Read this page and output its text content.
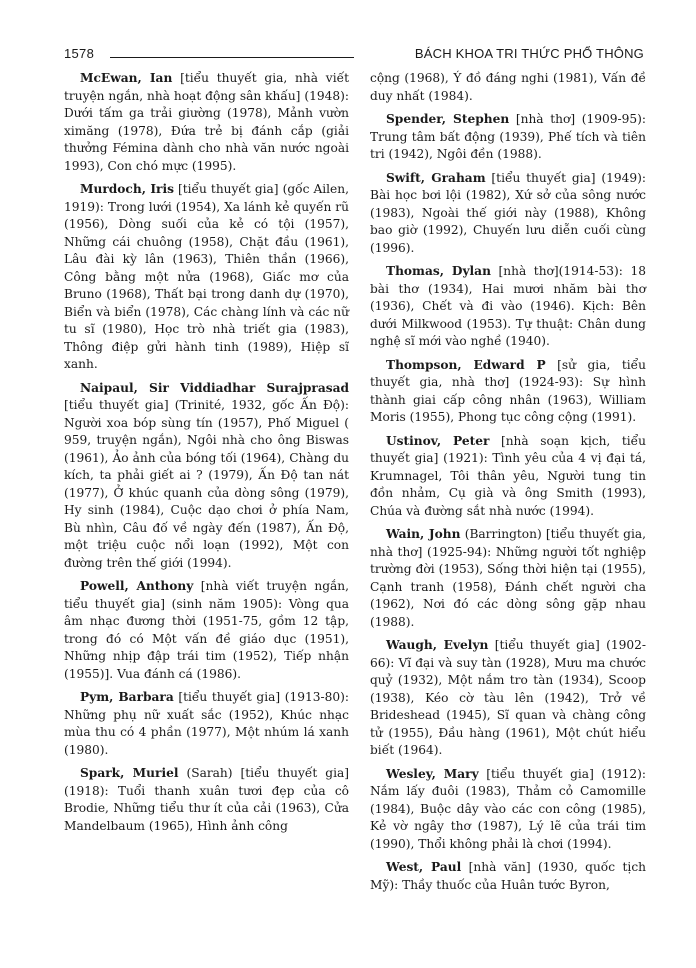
1578	BÁCH KHOA TRI THỨC PHỔ THÔNG

McEwan, Ian [tiểu thuyết gia, nhà viết truyện ngắn, nhà hoạt động sân khấu] (1948): Dưới tấm ga trải giường (1978), Mảnh vườn ximăng (1978), Đứa trẻ bị đánh cắp (giải thưởng Fémina dành cho nhà văn nước ngoài 1993), Con chó mực (1995).

Murdoch, Iris [tiểu thuyết gia] (gốc Ailen, 1919): Trong lưới (1954), Xa lánh kẻ quyến rũ (1956), Dòng suối của kẻ có tội (1957), Những cái chuông (1958), Chặt đầu (1961), Lâu đài kỳ lân (1963), Thiên thần (1966), Công bằng một nửa (1968), Giấc mơ của Bruno (1968), Thất bại trong danh dự (1970), Biển và biển (1978), Các chàng lính và các nữ tu sĩ (1980), Học trò nhà triết gia (1983), Thông điệp gửi hành tinh (1989), Hiệp sĩ xanh.

Naipaul, Sir Viddiadhar Surajprasad [tiểu thuyết gia] (Trinité, 1932, gốc Ấn Độ): Người xoa bóp sùng tín (1957), Phố Miguel ( 959, truyện ngắn), Ngôi nhà cho ông Biswas (1961), Ảo ảnh của bóng tối (1964), Chàng du kích, ta phải giết ai ? (1979), Ấn Độ tan nát (1977), Ở khúc quanh của dòng sông (1979), Hy sinh (1984), Cuộc dạo chơi ở phía Nam, Bù nhìn, Câu đố về ngày đến (1987), Ấn Độ, một triệu cuộc nổi loạn (1992), Một con đường trên thế giới (1994).

Powell, Anthony [nhà viết truyện ngắn, tiểu thuyết gia] (sinh năm 1905): Vòng qua âm nhạc đương thời (1951-75, gồm 12 tập, trong đó có Một vấn đề giáo dục (1951), Những nhịp đập trái tim (1952), Tiếp nhận (1955)]. Vua đánh cá (1986).

Pym, Barbara [tiểu thuyết gia] (1913-80): Những phụ nữ xuất sắc (1952), Khúc nhạc mùa thu có 4 phần (1977), Một nhúm lá xanh (1980).

Spark, Muriel (Sarah) [tiểu thuyết gia] (1918): Tuổi thanh xuân tươi đẹp của cô Brodie, Những tiểu thư ít của cải (1963), Cửa Mandelbaum (1965), Hình ảnh công

cộng (1968), Ý đồ đáng nghi (1981), Vấn đề duy nhất (1984).

Spender, Stephen [nhà thơ] (1909-95): Trung tâm bất động (1939), Phế tích và tiên tri (1942), Ngôi đền (1988).

Swift, Graham [tiểu thuyết gia] (1949): Bài học bơi lội (1982), Xứ sở của sông nước (1983), Ngoài thế giới này (1988), Không bao giờ (1992), Chuyến lưu diễn cuối cùng (1996).

Thomas, Dylan [nhà thơ](1914-53): 18 bài thơ (1934), Hai mươi nhăm bài thơ (1936), Chết và đi vào (1946). Kịch: Bên dưới Milkwood (1953). Tự thuật: Chân dung nghệ sĩ mới vào nghề (1940).

Thompson, Edward P [sử gia, tiểu thuyết gia, nhà thơ] (1924-93): Sự hình thành giai cấp công nhân (1963), William Moris (1955), Phong tục công cộng (1991).

Ustinov, Peter [nhà soạn kịch, tiểu thuyết gia] (1921): Tình yêu của 4 vị đại tá, Krumnagel, Tôi thân yêu, Người tung tin đồn nhảm, Cụ già và ông Smith (1993), Chúa và đường sắt nhà nước (1994).

Wain, John (Barrington) [tiểu thuyết gia, nhà thơ] (1925-94): Những người tốt nghiệp trường đời (1953), Sống thời hiện tại (1955), Cạnh tranh (1958), Đánh chết người cha (1962), Nơi đó các dòng sông gặp nhau (1988).

Waugh, Evelyn [tiểu thuyết gia] (1902-66): Vĩ đại và suy tàn (1928), Mưu ma chước quỷ (1932), Một nắm tro tàn (1934), Scoop (1938), Kéo cờ tàu lên (1942), Trở về Brideshead (1945), Sĩ quan và chàng công tử (1955), Đầu hàng (1961), Một chút hiểu biết (1964).

Wesley, Mary [tiểu thuyết gia] (1912): Nắm lấy đuôi (1983), Thảm cỏ Camomille (1984), Buộc dây vào các con công (1985), Kẻ vờ ngây thơ (1987), Lý lẽ của trái tim (1990), Thổi không phải là chơi (1994).

West, Paul [nhà văn] (1930, quốc tịch Mỹ): Thầy thuốc của Huân tước Byron,
